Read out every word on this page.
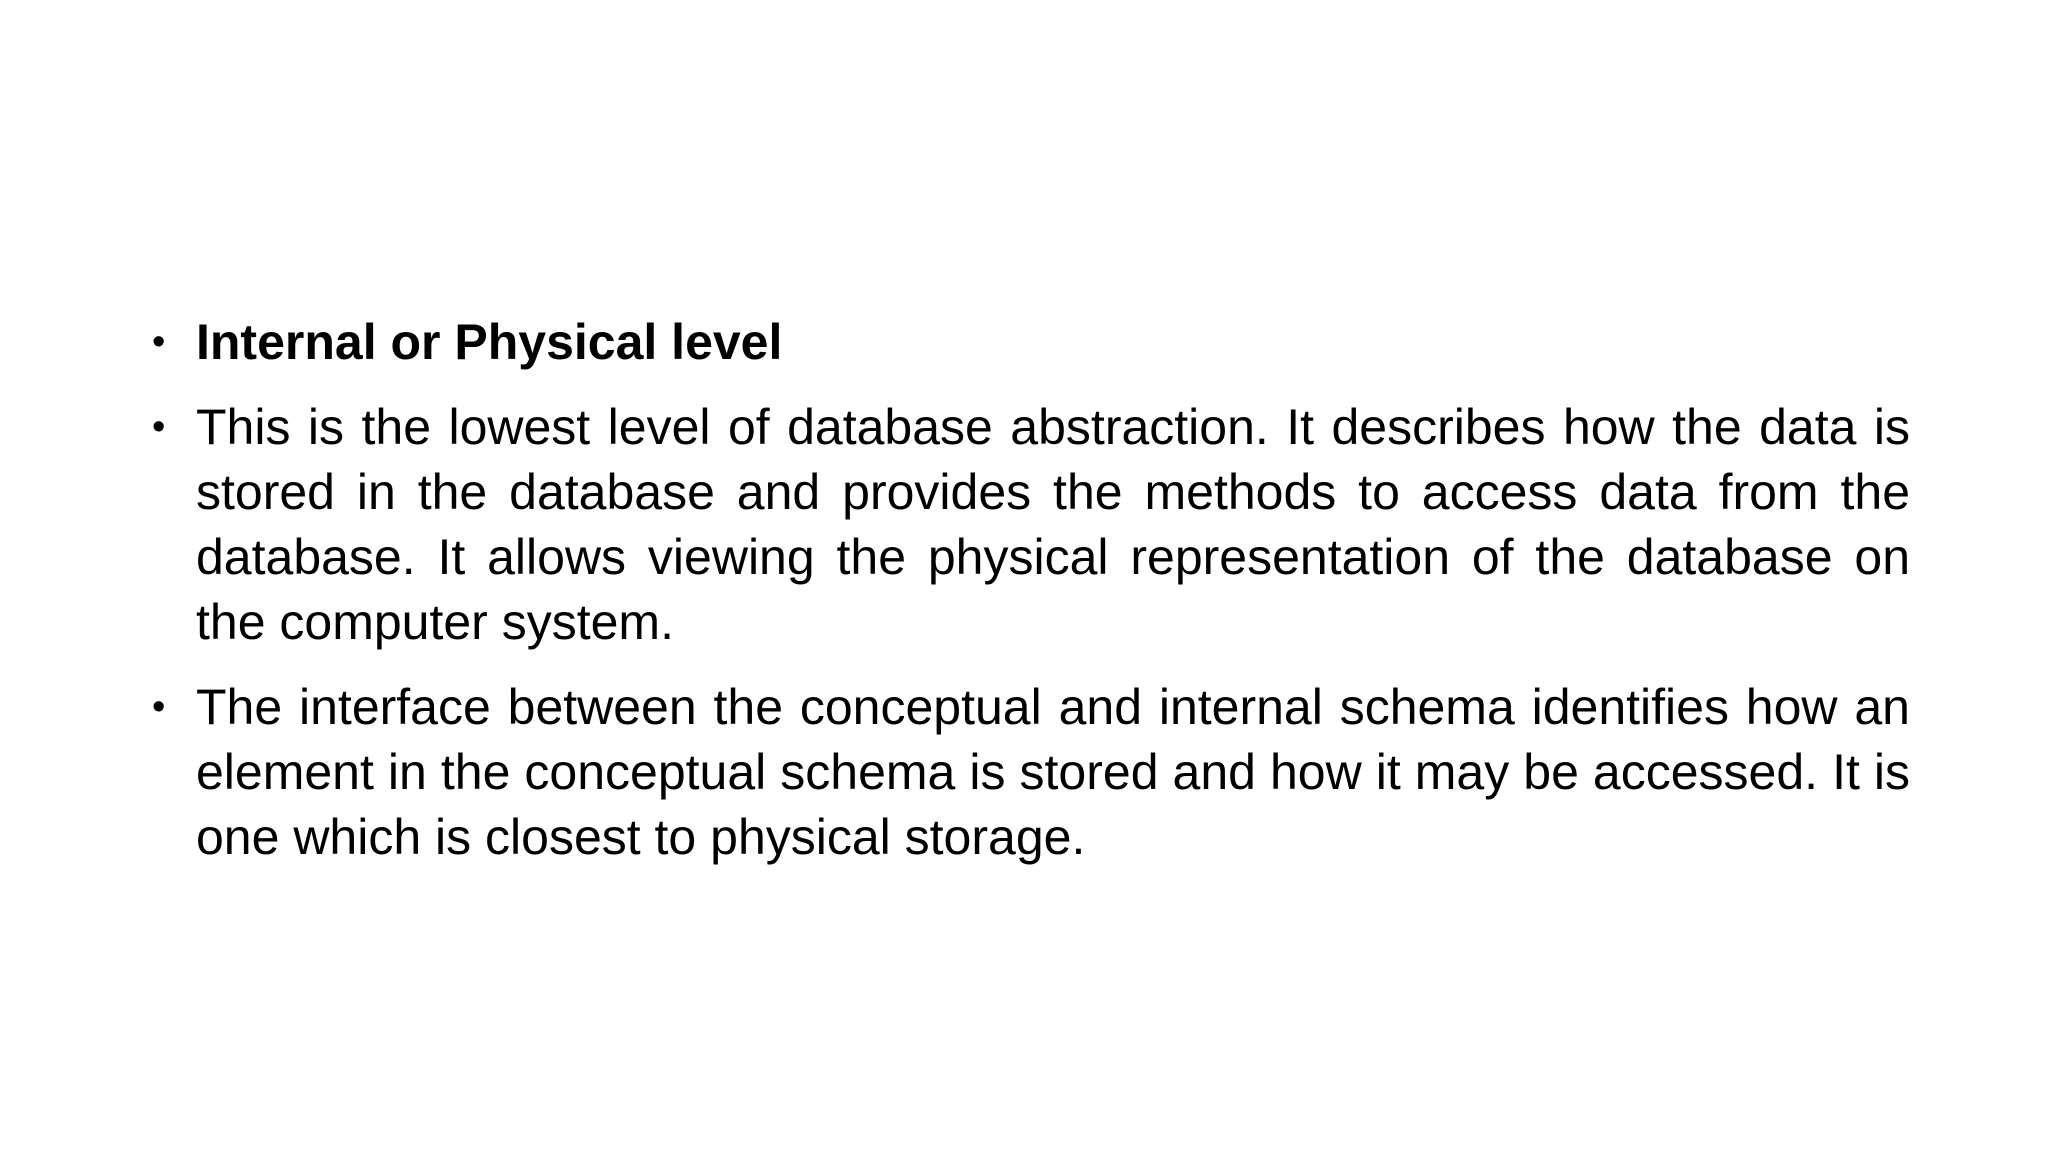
• Internal or Physical level
• This is the lowest level of database abstraction. It describes how the data is stored in the database and provides the methods to access data from the database. It allows viewing the physical representation of the database on the computer system.
• The interface between the conceptual and internal schema identifies how an element in the conceptual schema is stored and how it may be accessed. It is one which is closest to physical storage.
